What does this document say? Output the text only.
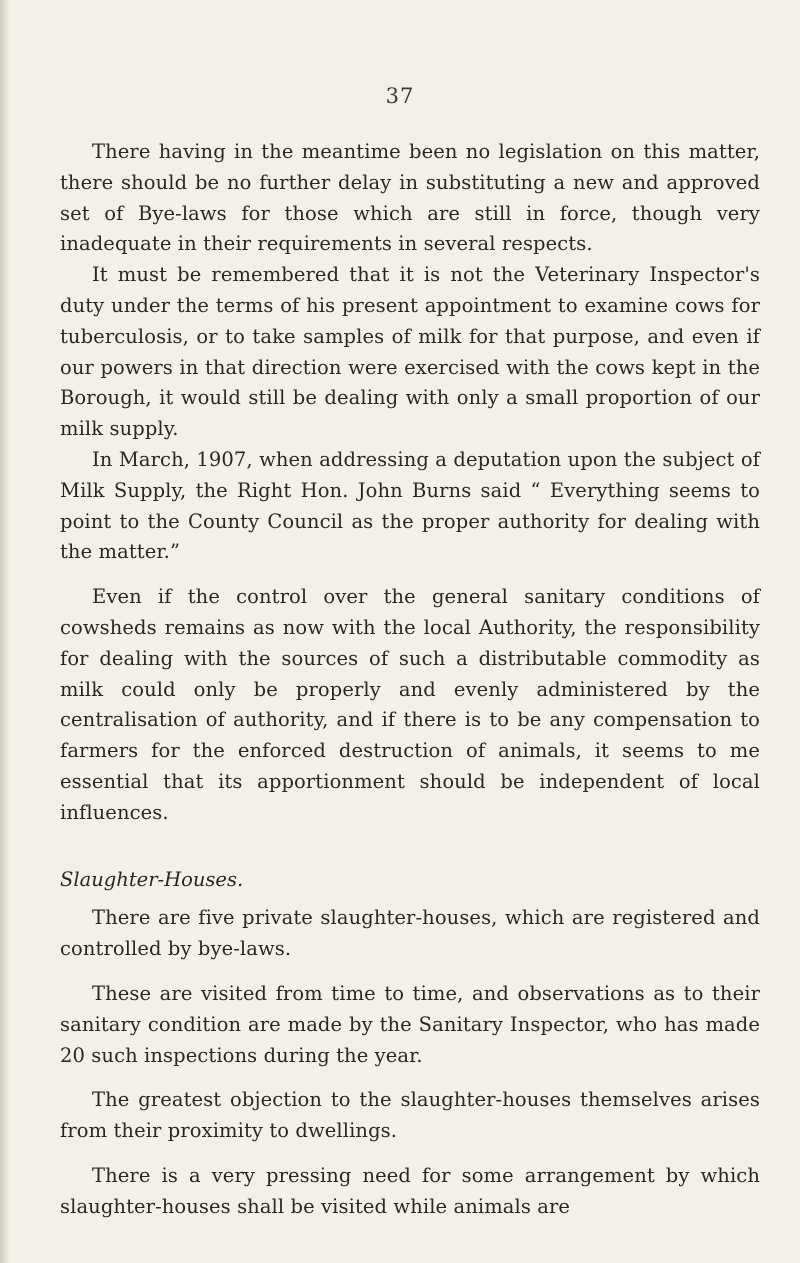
37

There having in the meantime been no legislation on this matter, there should be no further delay in substituting a new and approved set of Bye-laws for those which are still in force, though very inadequate in their requirements in several respects.

It must be remembered that it is not the Veterinary Inspector's duty under the terms of his present appointment to examine cows for tuberculosis, or to take samples of milk for that purpose, and even if our powers in that direction were exercised with the cows kept in the Borough, it would still be dealing with only a small proportion of our milk supply.

In March, 1907, when addressing a deputation upon the subject of Milk Supply, the Right Hon. John Burns said “ Everything seems to point to the County Council as the proper authority for dealing with the matter.”

Even if the control over the general sanitary conditions of cowsheds remains as now with the local Authority, the responsibility for dealing with the sources of such a distributable commodity as milk could only be properly and evenly administered by the centralisation of authority, and if there is to be any compensation to farmers for the enforced destruction of animals, it seems to me essential that its apportionment should be independent of local influences.

Slaughter-Houses.

There are five private slaughter-houses, which are registered and controlled by bye-laws.

These are visited from time to time, and observations as to their sanitary condition are made by the Sanitary Inspector, who has made 20 such inspections during the year.

The greatest objection to the slaughter-houses themselves arises from their proximity to dwellings.

There is a very pressing need for some arrangement by which slaughter-houses shall be visited while animals are
